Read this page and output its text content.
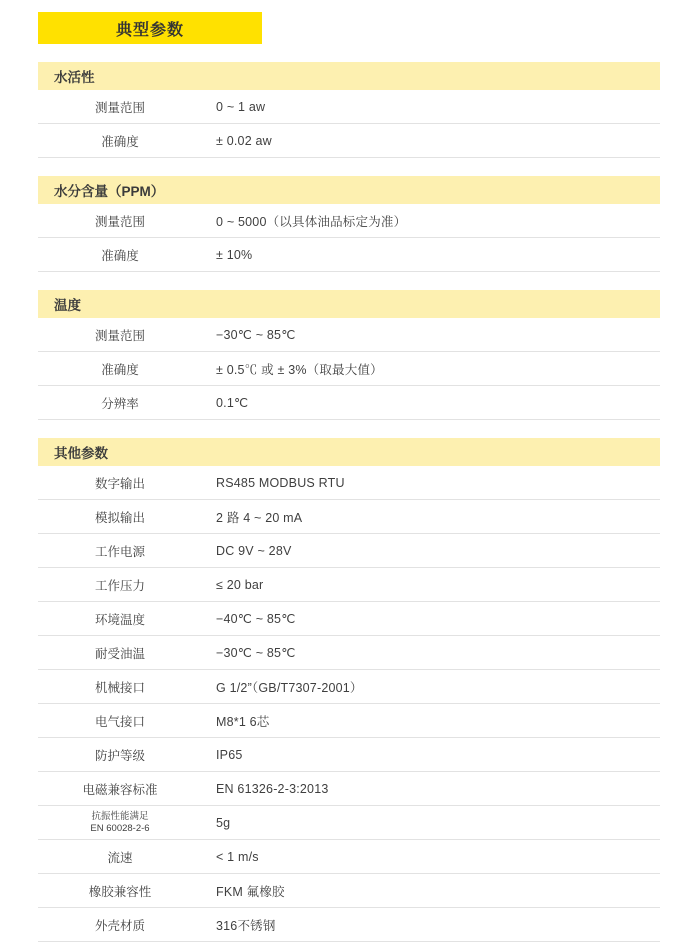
典型参数
水活性
测量范围	0 ~ 1 aw
准确度	± 0.02 aw
水分含量（PPM）
测量范围	0 ~ 5000（以具体油品标定为准）
准确度	± 10%
温度
测量范围	−30℃ ~ 85℃
准确度	± 0.5℃ 或 ± 3%（取最大值）
分辨率	0.1℃
其他参数
数字输出	RS485 MODBUS RTU
模拟输出	2 路 4 ~ 20 mA
工作电源	DC 9V ~ 28V
工作压力	≤ 20 bar
环境温度	−40℃ ~ 85℃
耐受油温	−30℃ ~ 85℃
机械接口	G 1/2”（GB/T7307-2001）
电气接口	M8*1 6芯
防护等级	IP65
电磁兼容标准	EN 61326-2-3:2013
抗振性能满足
EN 60028-2-6	5g
流速	< 1 m/s
橡胶兼容性	FKM 氟橡胶
外壳材质	316不锈钢
